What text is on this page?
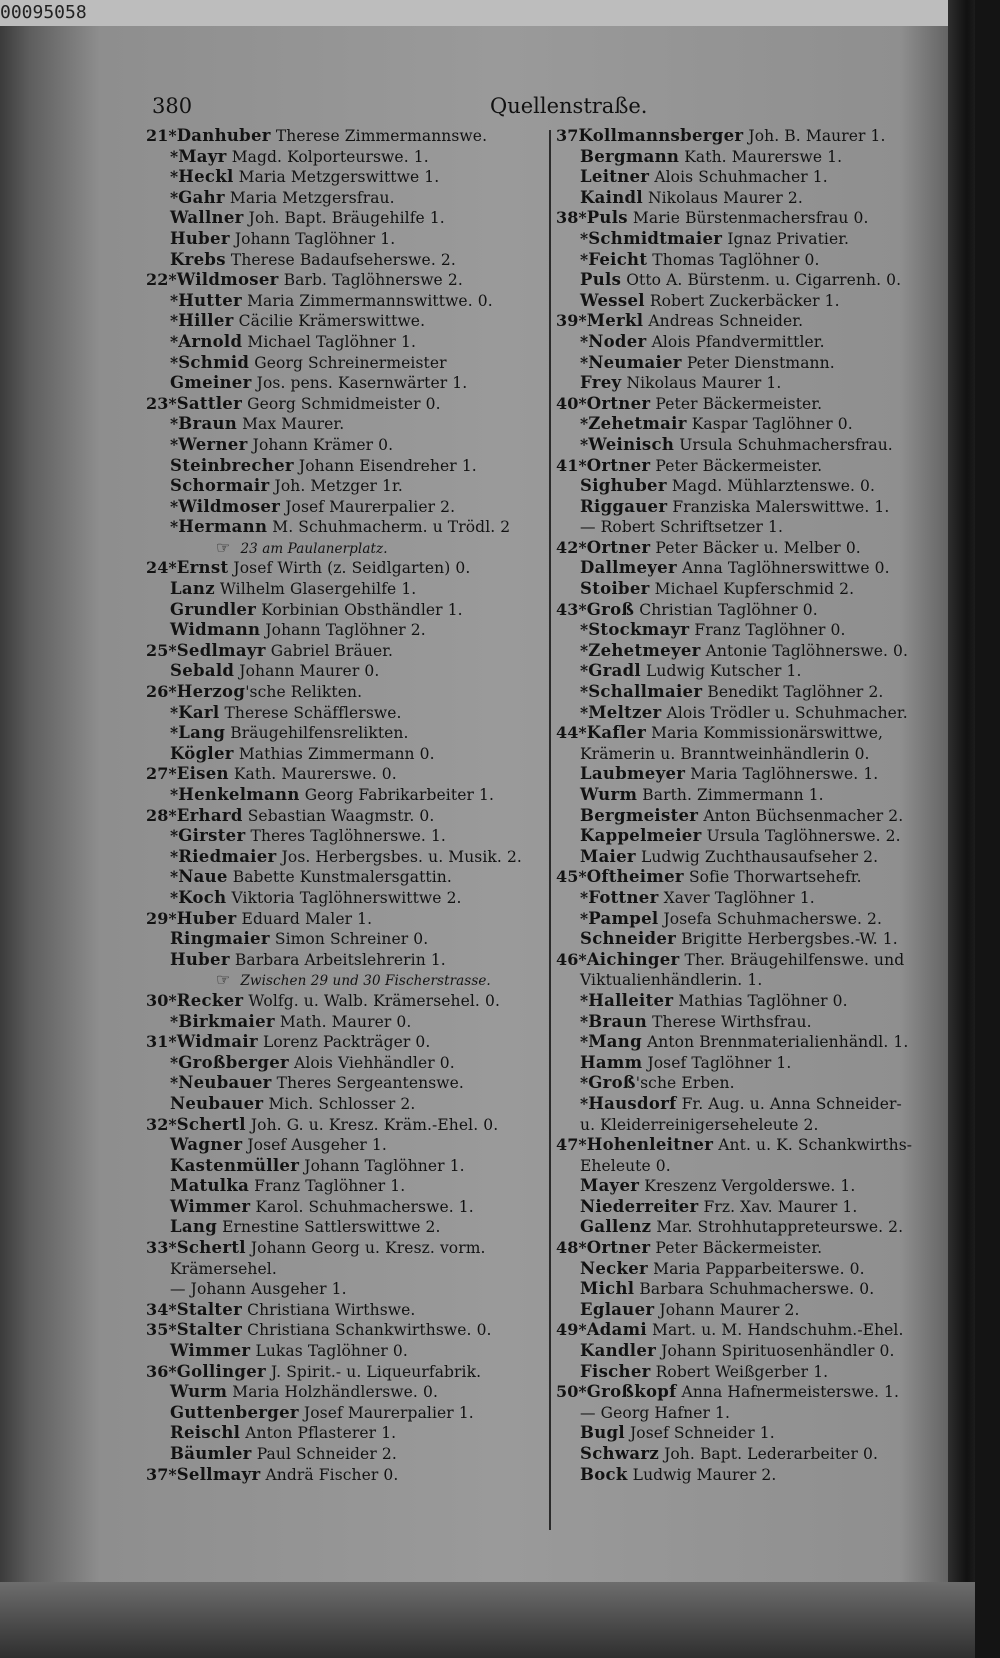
00095058
380	Quellenstraße.
21*Danhuber Therese Zimmermannswe.
*Mayr Magd. Kolporteurswe. 1.
*Heckl Maria Metzgerswittwe 1.
*Gahr Maria Metzgersfrau.
Wallner Joh. Bapt. Bräugehilfe 1.
Huber Johann Taglöhner 1.
Krebs Therese Badaufseherswe. 2.
22*Wildmoser Barb. Taglöhnerswe 2.
*Hutter Maria Zimmermannswittwe. 0.
*Hiller Cäcilie Krämerswittwe.
*Arnold Michael Taglöhner 1.
*Schmid Georg Schreinermeister
Gmeiner Jos. pens. Kasernwärter 1.
23*Sattler Georg Schmidmeister 0.
*Braun Max Maurer.
*Werner Johann Krämer 0.
Steinbrecher Johann Eisendreher 1.
Schormair Joh. Metzger 1r.
*Wildmoser Josef Maurerpalier 2.
*Hermann M. Schuhmacherm. u Trödl. 2
☞ 23 am Paulanerplatz.
24*Ernst Josef Wirth (z. Seidlgarten) 0.
Lanz Wilhelm Glasergehilfe 1.
Grundler Korbinian Obsthändler 1.
Widmann Johann Taglöhner 2.
25*Sedlmayr Gabriel Bräuer.
Sebald Johann Maurer 0.
26*Herzog'sche Relikten.
*Karl Therese Schäfflerswe.
*Lang Bräugehilfensrelikten.
Kögler Mathias Zimmermann 0.
27*Eisen Kath. Maurerswe. 0.
*Henkelmann Georg Fabrikarbeiter 1.
28*Erhard Sebastian Waagmstr. 0.
*Girster Theres Taglöhnerswe. 1.
*Riedmaier Jos. Herbergsbes. u. Musik. 2.
*Naue Babette Kunstmalersgattin.
*Koch Viktoria Taglöhnerswittwe 2.
29*Huber Eduard Maler 1.
Ringmaier Simon Schreiner 0.
Huber Barbara Arbeitslehrerin 1.
☞ Zwischen 29 und 30 Fischerstrasse.
30*Recker Wolfg. u. Walb. Krämersehel. 0.
*Birkmaier Math. Maurer 0.
31*Widmair Lorenz Packträger 0.
*Großberger Alois Viehhändler 0.
*Neubauer Theres Sergeantenswe.
Neubauer Mich. Schlosser 2.
32*Schertl Joh. G. u. Kresz. Kräm.-Ehel. 0.
Wagner Josef Ausgeher 1.
Kastenmüller Johann Taglöhner 1.
Matulka Franz Taglöhner 1.
Wimmer Karol. Schuhmacherswe. 1.
Lang Ernestine Sattlerswittwe 2.
33*Schertl Johann Georg u. Kresz. vorm.
Krämersehel.
— Johann Ausgeher 1.
34*Stalter Christiana Wirthswe.
35*Stalter Christiana Schankwirthswe. 0.
Wimmer Lukas Taglöhner 0.
36*Gollinger J. Spirit.- u. Liqueurfabrik.
Wurm Maria Holzhändlerswe. 0.
Guttenberger Josef Maurerpalier 1.
Reischl Anton Pflasterer 1.
Bäumler Paul Schneider 2.
37*Sellmayr Andrä Fischer 0.
37Kollmannsberger Joh. B. Maurer 1.
Bergmann Kath. Maurerswe 1.
Leitner Alois Schuhmacher 1.
Kaindl Nikolaus Maurer 2.
38*Puls Marie Bürstenmachersfrau 0.
*Schmidtmaier Ignaz Privatier.
*Feicht Thomas Taglöhner 0.
Puls Otto A. Bürstenm. u. Cigarrenh. 0.
Wessel Robert Zuckerbäcker 1.
39*Merkl Andreas Schneider.
*Noder Alois Pfandvermittler.
*Neumaier Peter Dienstmann.
Frey Nikolaus Maurer 1.
40*Ortner Peter Bäckermeister.
*Zehetmair Kaspar Taglöhner 0.
*Weinisch Ursula Schuhmachersfrau.
41*Ortner Peter Bäckermeister.
Sighuber Magd. Mühlarztenswe. 0.
Riggauer Franziska Malerswittwe. 1.
— Robert Schriftsetzer 1.
42*Ortner Peter Bäcker u. Melber 0.
Dallmeyer Anna Taglöhnerswittwe 0.
Stoiber Michael Kupferschmid 2.
43*Groß Christian Taglöhner 0.
*Stockmayr Franz Taglöhner 0.
*Zehetmeyer Antonie Taglöhnerswe. 0.
*Gradl Ludwig Kutscher 1.
*Schallmaier Benedikt Taglöhner 2.
*Meltzer Alois Trödler u. Schuhmacher.
44*Kafler Maria Kommissionärswittwe,
Krämerin u. Branntweinhändlerin 0.
Laubmeyer Maria Taglöhnerswe. 1.
Wurm Barth. Zimmermann 1.
Bergmeister Anton Büchsenmacher 2.
Kappelmeier Ursula Taglöhnerswe. 2.
Maier Ludwig Zuchthausaufseher 2.
45*Oftheimer Sofie Thorwartsehefr.
*Fottner Xaver Taglöhner 1.
*Pampel Josefa Schuhmacherswe. 2.
Schneider Brigitte Herbergsbes.-W. 1.
46*Aichinger Ther. Bräugehilfenswe. und
Viktualienhändlerin. 1.
*Halleiter Mathias Taglöhner 0.
*Braun Therese Wirthsfrau.
*Mang Anton Brennmaterialienhändl. 1.
Hamm Josef Taglöhner 1.
*Groß'sche Erben.
*Hausdorf Fr. Aug. u. Anna Schneider-
u. Kleiderreinigerseheleute 2.
47*Hohenleitner Ant. u. K. Schankwirths-
Eheleute 0.
Mayer Kreszenz Vergolderswe. 1.
Niederreiter Frz. Xav. Maurer 1.
Gallenz Mar. Strohhutappreteurswe. 2.
48*Ortner Peter Bäckermeister.
Necker Maria Papparbeiterswe. 0.
Michl Barbara Schuhmacherswe. 0.
Eglauer Johann Maurer 2.
49*Adami Mart. u. M. Handschuhm.-Ehel.
Kandler Johann Spirituosenhändler 0.
Fischer Robert Weißgerber 1.
50*Großkopf Anna Hafnermeisterswe. 1.
— Georg Hafner 1.
Bugl Josef Schneider 1.
Schwarz Joh. Bapt. Lederarbeiter 0.
Bock Ludwig Maurer 2.
